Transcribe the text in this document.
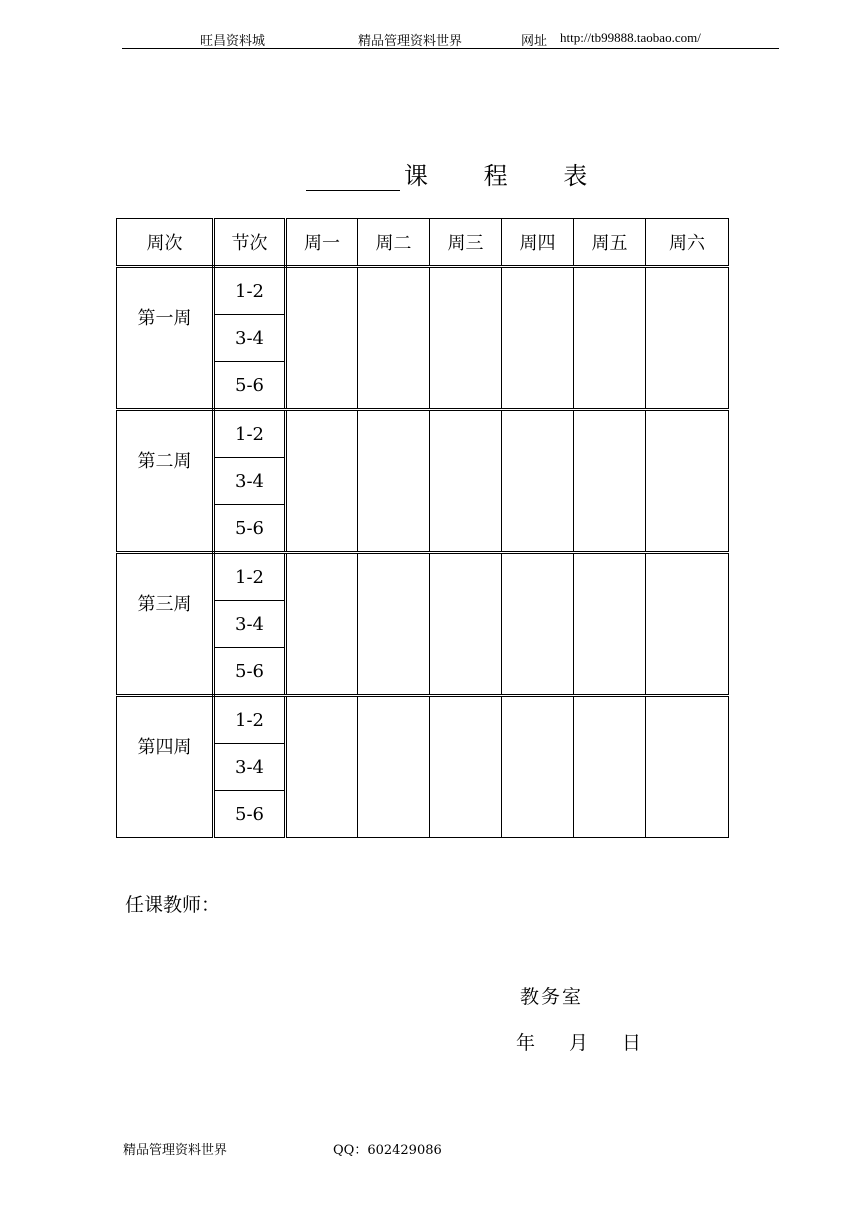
旺昌资料城	精品管理资料世界	网址 http://tb99888.taobao.com/
课 程 表
周次	节次	周一	周二	周三	周四	周五	周六
第一周	1-2						
	3-4						
	5-6						
第二周	1-2						
	3-4						
	5-6						
第三周	1-2						
	3-4						
	5-6						
第四周	1-2						
	3-4						
	5-6						
任课教师：
教务室
年 月 日
精品管理资料世界	QQ：602429086
